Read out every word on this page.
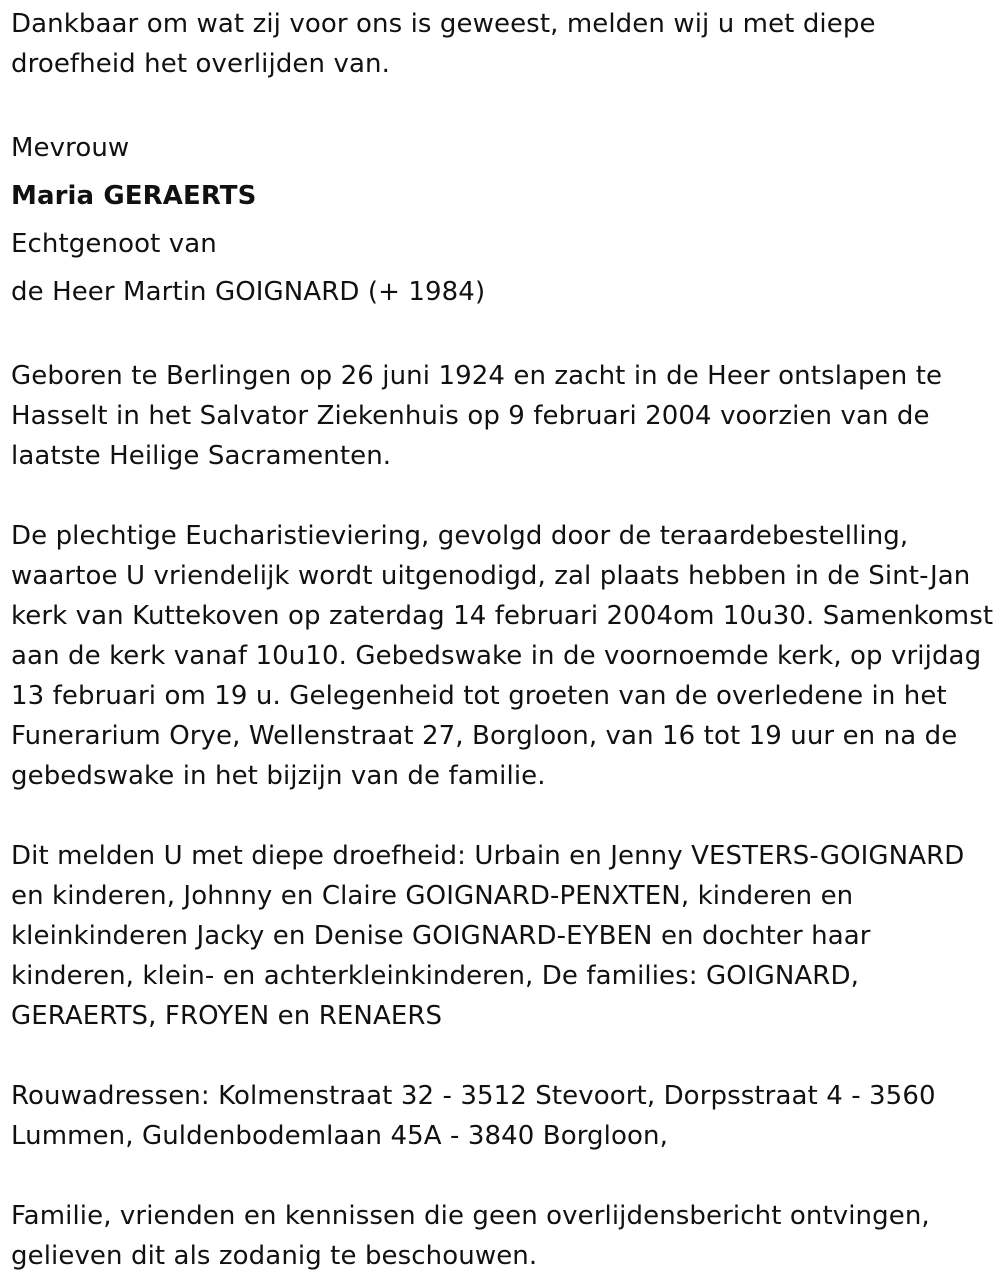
Dankbaar om wat zij voor ons is geweest, melden wij u met diepe droefheid het overlijden van.

Mevrouw

Maria GERAERTS

Echtgenoot van

de Heer Martin GOIGNARD (+ 1984)

Geboren te Berlingen op 26 juni 1924 en zacht in de Heer ontslapen te Hasselt in het Salvator Ziekenhuis op 9 februari 2004 voorzien van de laatste Heilige Sacramenten.

De plechtige Eucharistieviering, gevolgd door de teraardebestelling, waartoe U vriendelijk wordt uitgenodigd, zal plaats hebben in de Sint-Jan kerk van Kuttekoven op zaterdag 14 februari 2004om 10u30. Samenkomst aan de kerk vanaf 10u10. Gebedswake in de voornoemde kerk, op vrijdag 13 februari om 19 u. Gelegenheid tot groeten van de overledene in het Funerarium Orye, Wellenstraat 27, Borgloon, van 16 tot 19 uur en na de gebedswake in het bijzijn van de familie.

Dit melden U met diepe droefheid: Urbain en Jenny VESTERS-GOIGNARD en kinderen, Johnny en Claire GOIGNARD-PENXTEN, kinderen en kleinkinderen Jacky en Denise GOIGNARD-EYBEN en dochter haar kinderen, klein- en achterkleinkinderen, De families: GOIGNARD, GERAERTS, FROYEN en RENAERS

Rouwadressen: Kolmenstraat 32 - 3512 Stevoort, Dorpsstraat 4 - 3560 Lummen, Guldenbodemlaan 45A - 3840 Borgloon,

Familie, vrienden en kennissen die geen overlijdensbericht ontvingen, gelieven dit als zodanig te beschouwen.
